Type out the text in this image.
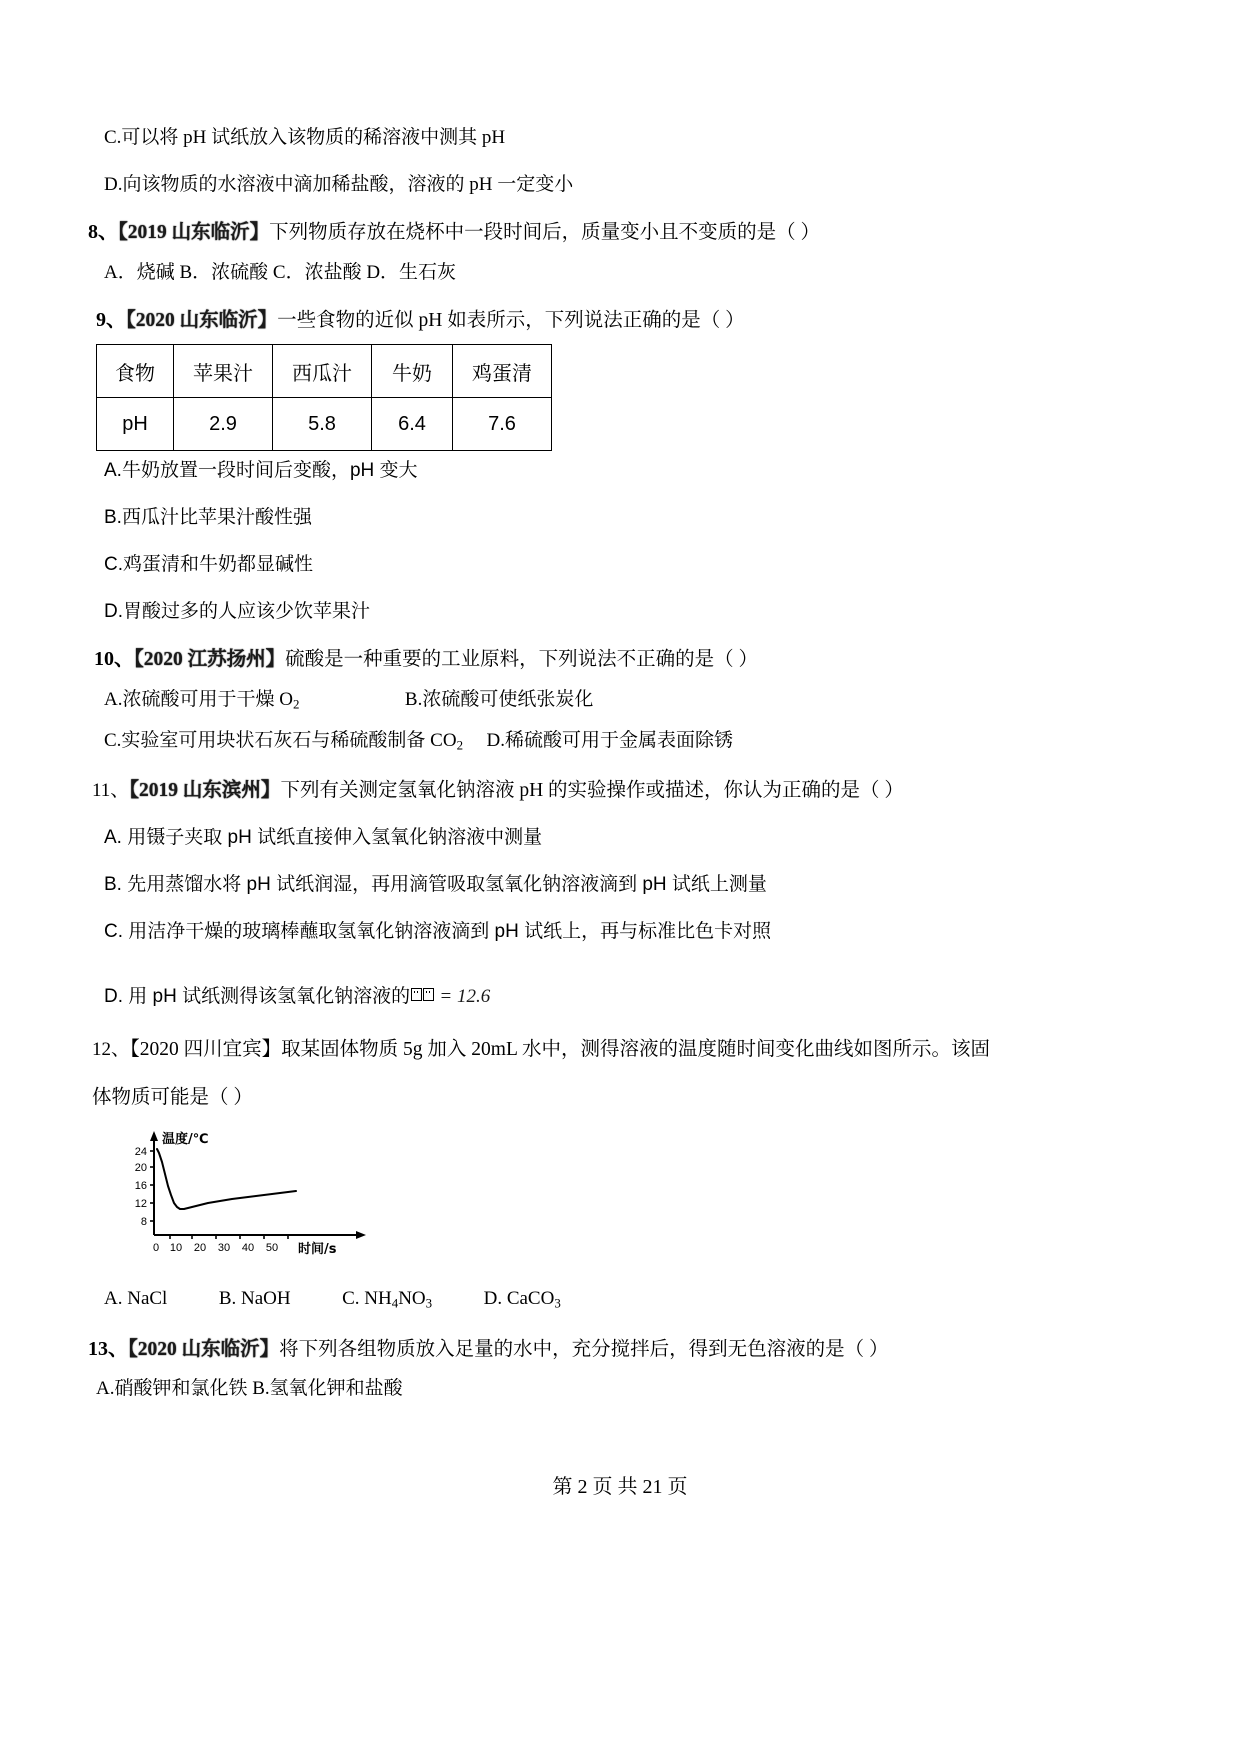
C.可以将 pH 试纸放入该物质的稀溶液中测其 pH
D.向该物质的水溶液中滴加稀盐酸，溶液的 pH 一定变小
8、【2019 山东临沂】下列物质存放在烧杯中一段时间后，质量变小且不变质的是（ ）
A．烧碱 B．浓硫酸 C．浓盐酸 D．生石灰
9、【2020 山东临沂】一些食物的近似 pH 如表所示，下列说法正确的是（ ）
食物	苹果汁	西瓜汁	牛奶	鸡蛋清
pH	2.9	5.8	6.4	7.6
A.牛奶放置一段时间后变酸，pH 变大
B.西瓜汁比苹果汁酸性强
C.鸡蛋清和牛奶都显碱性
D.胃酸过多的人应该少饮苹果汁
10、【2020 江苏扬州】硫酸是一种重要的工业原料，下列说法不正确的是（ ）
A.浓硫酸可用于干燥 $O_2$	B.浓硫酸可使纸张炭化
C.实验室可用块状石灰石与稀硫酸制备 $CO_2$ D.稀硫酸可用于金属表面除锈
11、【2019 山东滨州】下列有关测定氢氧化钠溶液 pH 的实验操作或描述，你认为正确的是（ ）
A. 用镊子夹取 pH 试纸直接伸入氢氧化钠溶液中测量
B. 先用蒸馏水将 pH 试纸润湿，再用滴管吸取氢氧化钠溶液滴到 pH 试纸上测量
C. 用洁净干燥的玻璃棒蘸取氢氧化钠溶液滴到 pH 试纸上，再与标准比色卡对照
D. 用 pH 试纸测得该氢氧化钠溶液的 = 12.6
12、【2020 四川宜宾】取某固体物质 5g 加入 20mL 水中，测得溶液的温度随时间变化曲线如图所示。该固
体物质可能是（ ）
24
20
16
12
8
0 10 20 30 40 50
温度/℃
时间/s
A. NaCl	B. NaOH	C. $NH_4NO_3$	D. CaCO$_3$
13、【2020 山东临沂】将下列各组物质放入足量的水中，充分搅拌后，得到无色溶液的是（ ）
A.硝酸钾和氯化铁 B.氢氧化钾和盐酸
第 2 页 共 21 页
